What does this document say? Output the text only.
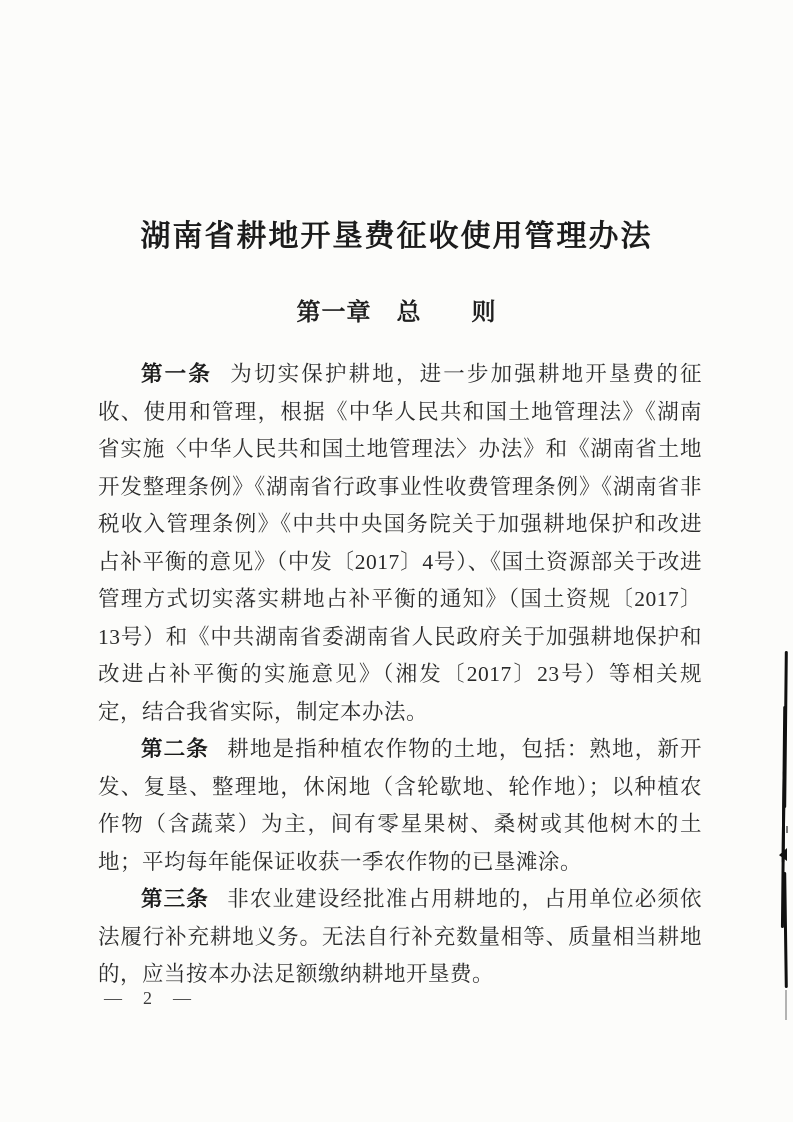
湖南省耕地开垦费征收使用管理办法
第一章　总　　则

第一条 为切实保护耕地，进一步加强耕地开垦费的征收、使用和管理，根据《中华人民共和国土地管理法》《湖南省实施〈中华人民共和国土地管理法〉办法》和《湖南省土地开发整理条例》《湖南省行政事业性收费管理条例》《湖南省非税收入管理条例》《中共中央国务院关于加强耕地保护和改进占补平衡的意见》（中发〔2017〕4号）、《国土资源部关于改进管理方式切实落实耕地占补平衡的通知》（国土资规〔2017〕13号）和《中共湖南省委湖南省人民政府关于加强耕地保护和改进占补平衡的实施意见》（湘发〔2017〕23号）等相关规定，结合我省实际，制定本办法。

第二条 耕地是指种植农作物的土地，包括：熟地，新开发、复垦、整理地，休闲地（含轮歇地、轮作地）；以种植农作物（含蔬菜）为主，间有零星果树、桑树或其他树木的土地；平均每年能保证收获一季农作物的已垦滩涂。

第三条 非农业建设经批准占用耕地的，占用单位必须依法履行补充耕地义务。无法自行补充数量相等、质量相当耕地的，应当按本办法足额缴纳耕地开垦费。

—  2  —
